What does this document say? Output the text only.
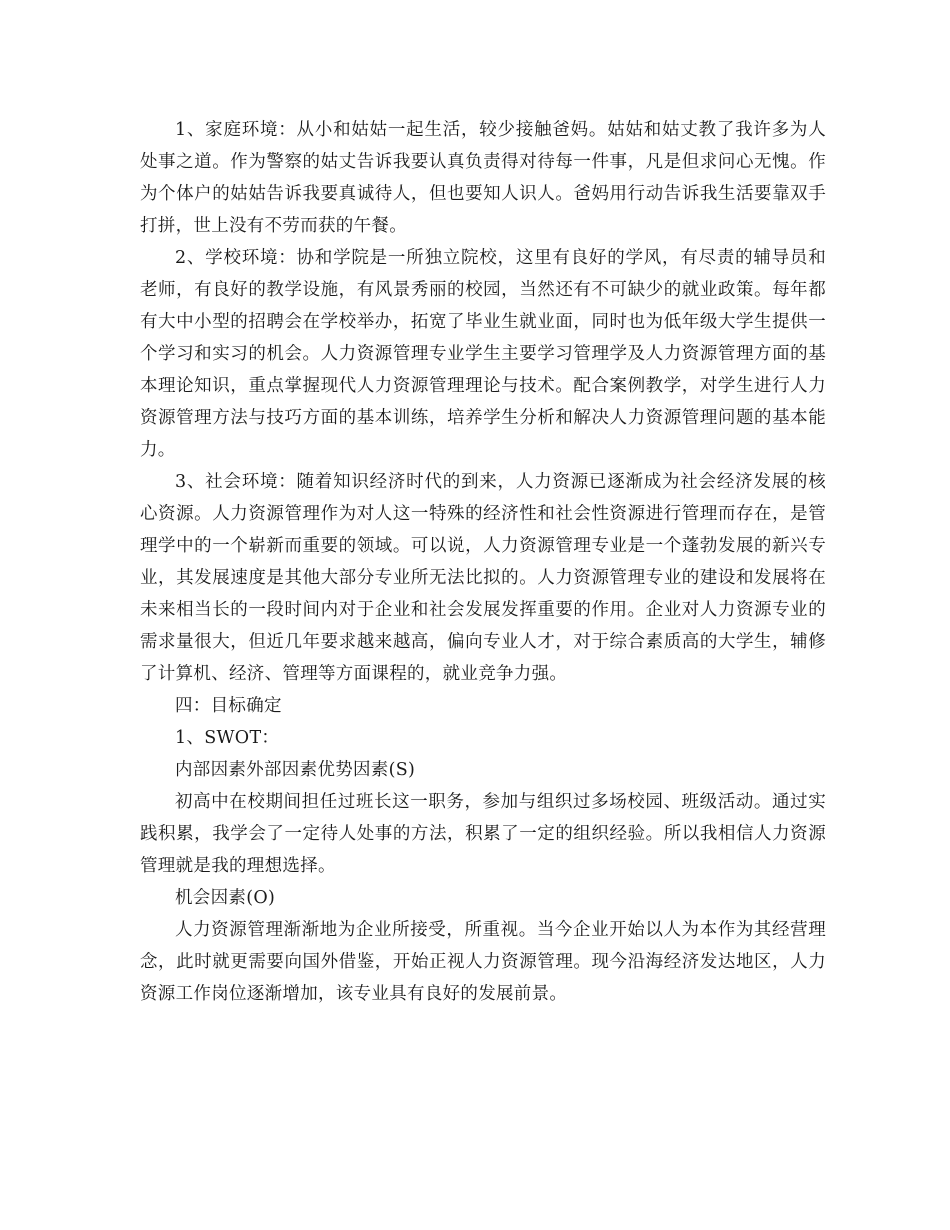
1、家庭环境：从小和姑姑一起生活，较少接触爸妈。姑姑和姑丈教了我许多为人处事之道。作为警察的姑丈告诉我要认真负责得对待每一件事，凡是但求问心无愧。作为个体户的姑姑告诉我要真诚待人，但也要知人识人。爸妈用行动告诉我生活要靠双手打拼，世上没有不劳而获的午餐。

2、学校环境：协和学院是一所独立院校，这里有良好的学风，有尽责的辅导员和老师，有良好的教学设施，有风景秀丽的校园，当然还有不可缺少的就业政策。每年都有大中小型的招聘会在学校举办，拓宽了毕业生就业面，同时也为低年级大学生提供一个学习和实习的机会。人力资源管理专业学生主要学习管理学及人力资源管理方面的基本理论知识，重点掌握现代人力资源管理理论与技术。配合案例教学，对学生进行人力资源管理方法与技巧方面的基本训练，培养学生分析和解决人力资源管理问题的基本能力。

3、社会环境：随着知识经济时代的到来，人力资源已逐渐成为社会经济发展的核心资源。人力资源管理作为对人这一特殊的经济性和社会性资源进行管理而存在，是管理学中的一个崭新而重要的领域。可以说，人力资源管理专业是一个蓬勃发展的新兴专业，其发展速度是其他大部分专业所无法比拟的。人力资源管理专业的建设和发展将在未来相当长的一段时间内对于企业和社会发展发挥重要的作用。企业对人力资源专业的需求量很大，但近几年要求越来越高，偏向专业人才，对于综合素质高的大学生，辅修了计算机、经济、管理等方面课程的，就业竞争力强。

四：目标确定

1、SWOT：

内部因素外部因素优势因素(S)

初高中在校期间担任过班长这一职务，参加与组织过多场校园、班级活动。通过实践积累，我学会了一定待人处事的方法，积累了一定的组织经验。所以我相信人力资源管理就是我的理想选择。

机会因素(O)

人力资源管理渐渐地为企业所接受，所重视。当今企业开始以人为本作为其经营理念，此时就更需要向国外借鉴，开始正视人力资源管理。现今沿海经济发达地区，人力资源工作岗位逐渐增加，该专业具有良好的发展前景。
